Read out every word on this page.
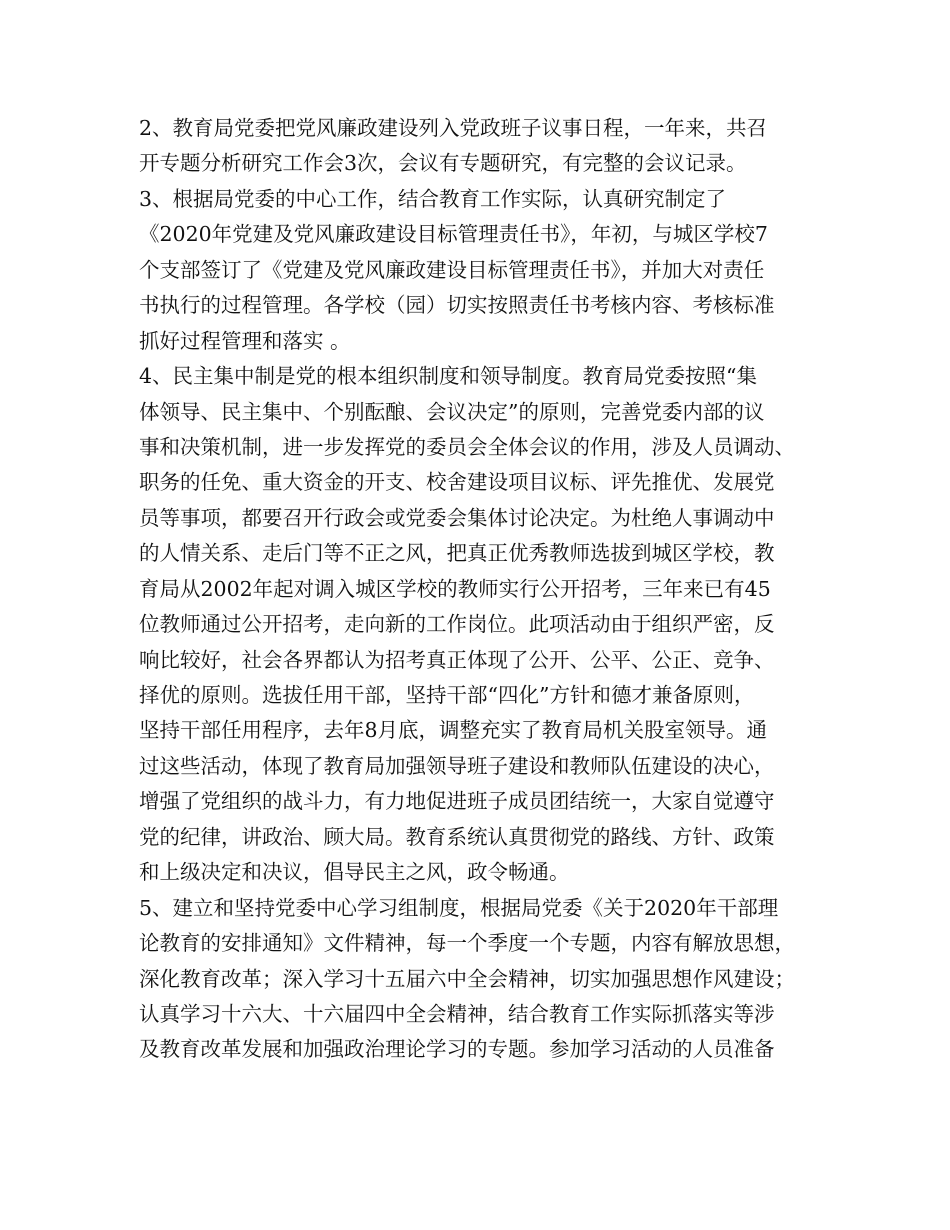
2、教育局党委把党风廉政建设列入党政班子议事日程，一年来，共召
开专题分析研究工作会3次，会议有专题研究，有完整的会议记录。
3、根据局党委的中心工作，结合教育工作实际，认真研究制定了
《2020年党建及党风廉政建设目标管理责任书》，年初，与城区学校7
个支部签订了《党建及党风廉政建设目标管理责任书》，并加大对责任
书执行的过程管理。各学校（园）切实按照责任书考核内容、考核标准
抓好过程管理和落实 。
4、民主集中制是党的根本组织制度和领导制度。教育局党委按照“集
体领导、民主集中、个别酝酿、会议决定”的原则，完善党委内部的议
事和决策机制，进一步发挥党的委员会全体会议的作用，涉及人员调动、
职务的任免、重大资金的开支、校舍建设项目议标、评先推优、发展党
员等事项，都要召开行政会或党委会集体讨论决定。为杜绝人事调动中
的人情关系、走后门等不正之风，把真正优秀教师选拔到城区学校，教
育局从2002年起对调入城区学校的教师实行公开招考，三年来已有45
位教师通过公开招考，走向新的工作岗位。此项活动由于组织严密，反
响比较好，社会各界都认为招考真正体现了公开、公平、公正、竞争、
择优的原则。选拔任用干部，坚持干部“四化”方针和德才兼备原则，
坚持干部任用程序，去年8月底，调整充实了教育局机关股室领导。通
过这些活动，体现了教育局加强领导班子建设和教师队伍建设的决心，
增强了党组织的战斗力，有力地促进班子成员团结统一，大家自觉遵守
党的纪律，讲政治、顾大局。教育系统认真贯彻党的路线、方针、政策
和上级决定和决议，倡导民主之风，政令畅通。
5、建立和坚持党委中心学习组制度，根据局党委《关于2020年干部理
论教育的安排通知》文件精神，每一个季度一个专题，内容有解放思想，
深化教育改革；深入学习十五届六中全会精神，切实加强思想作风建设；
认真学习十六大、十六届四中全会精神，结合教育工作实际抓落实等涉
及教育改革发展和加强政治理论学习的专题。参加学习活动的人员准备
